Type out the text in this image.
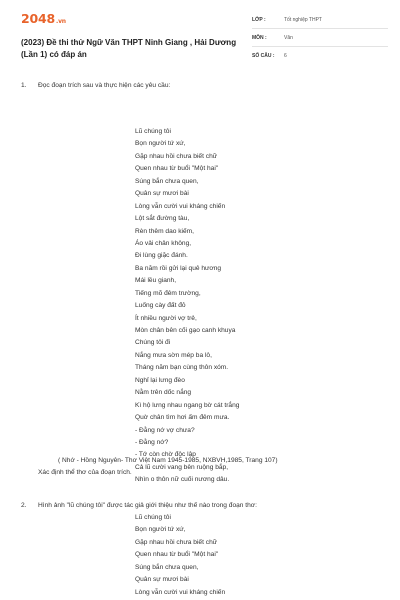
2048.vn
(2023) Đề thi thử Ngữ Văn THPT Ninh Giang , Hải Dương (Lần 1) có đáp án
LỚP :	Tốt nghiệp THPT
MÔN :	Văn
SỐ CÂU :	6
1. Đọc đoạn trích sau và thực hiện các yêu cầu:
Lũ chúng tôi
Bọn người tứ xứ,
Gặp nhau hồi chưa biết chữ
Quen nhau từ buổi "Một hai"
Súng bắn chưa quen,
Quân sự mươi bài
Lòng vẫn cười vui kháng chiến
Lột sắt đường tàu,
Rèn thêm dao kiếm,
Áo vải chân không,
Đi lùng giặc đánh.
Ba năm rồi gửi lại quê hương
Mái lều gianh,
Tiếng mõ đêm trường,
Luống cày đất đỏ
Ít nhiều người vợ trẻ,
Mòn chân bên cối gạo canh khuya
Chúng tôi đi
Nắng mưa sờn mép ba lô,
Tháng năm bạn cùng thôn xóm.
Nghỉ lại lưng đèo
Nằm trên dốc nắng
Kì hộ lưng nhau ngang bờ cát trắng
Quờ chân tìm hơi ấm đêm mưa.
- Đằng nớ vợ chưa?
- Đằng nớ?
- Tớ còn chờ độc lập
Cả lũ cười vang bên ruộng bắp,
Nhìn o thôn nữ cuối nương dâu.
( Nhớ - Hồng Nguyên- Thơ Việt Nam 1945-1985, NXBVH,1985, Trang 107)
Xác định thể thơ của đoạn trích.
2. Hình ảnh "lũ chúng tôi" được tác giả giới thiệu như thế nào trong đoạn thơ:
Lũ chúng tôi
Bọn người tứ xứ,
Gặp nhau hồi chưa biết chữ
Quen nhau từ buổi "Một hai"
Súng bắn chưa quen,
Quân sự mươi bài
Lòng vẫn cười vui kháng chiến
